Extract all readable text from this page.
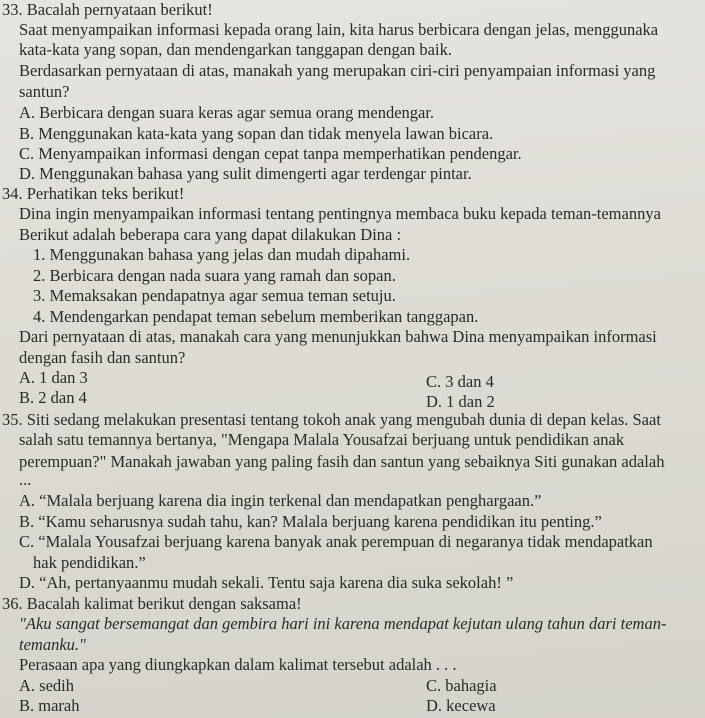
33. Bacalah pernyataan berikut!
Saat menyampaikan informasi kepada orang lain, kita harus berbicara dengan jelas, menggunaka
kata-kata yang sopan, dan mendengarkan tanggapan dengan baik.
Berdasarkan pernyataan di atas, manakah yang merupakan ciri-ciri penyampaian informasi yang
santun?
A. Berbicara dengan suara keras agar semua orang mendengar.
B. Menggunakan kata-kata yang sopan dan tidak menyela lawan bicara.
C. Menyampaikan informasi dengan cepat tanpa memperhatikan pendengar.
D. Menggunakan bahasa yang sulit dimengerti agar terdengar pintar.
34. Perhatikan teks berikut!
Dina ingin menyampaikan informasi tentang pentingnya membaca buku kepada teman-temannya
Berikut adalah beberapa cara yang dapat dilakukan Dina :
1. Menggunakan bahasa yang jelas dan mudah dipahami.
2. Berbicara dengan nada suara yang ramah dan sopan.
3. Memaksakan pendapatnya agar semua teman setuju.
4. Mendengarkan pendapat teman sebelum memberikan tanggapan.
Dari pernyataan di atas, manakah cara yang menunjukkan bahwa Dina menyampaikan informasi
dengan fasih dan santun?
A. 1 dan 3	C. 3 dan 4
B. 2 dan 4	D. 1 dan 2
35. Siti sedang melakukan presentasi tentang tokoh anak yang mengubah dunia di depan kelas. Saat
salah satu temannya bertanya, "Mengapa Malala Yousafzai berjuang untuk pendidikan anak
perempuan?" Manakah jawaban yang paling fasih dan santun yang sebaiknya Siti gunakan adalah
...
A. “Malala berjuang karena dia ingin terkenal dan mendapatkan penghargaan.”
B. “Kamu seharusnya sudah tahu, kan? Malala berjuang karena pendidikan itu penting.”
C. “Malala Yousafzai berjuang karena banyak anak perempuan di negaranya tidak mendapatkan
hak pendidikan.”
D. “Ah, pertanyaanmu mudah sekali. Tentu saja karena dia suka sekolah! ”
36. Bacalah kalimat berikut dengan saksama!
"Aku sangat bersemangat dan gembira hari ini karena mendapat kejutan ulang tahun dari teman-
temanku."
Perasaan apa yang diungkapkan dalam kalimat tersebut adalah . . .
A. sedih	C. bahagia
B. marah	D. kecewa
